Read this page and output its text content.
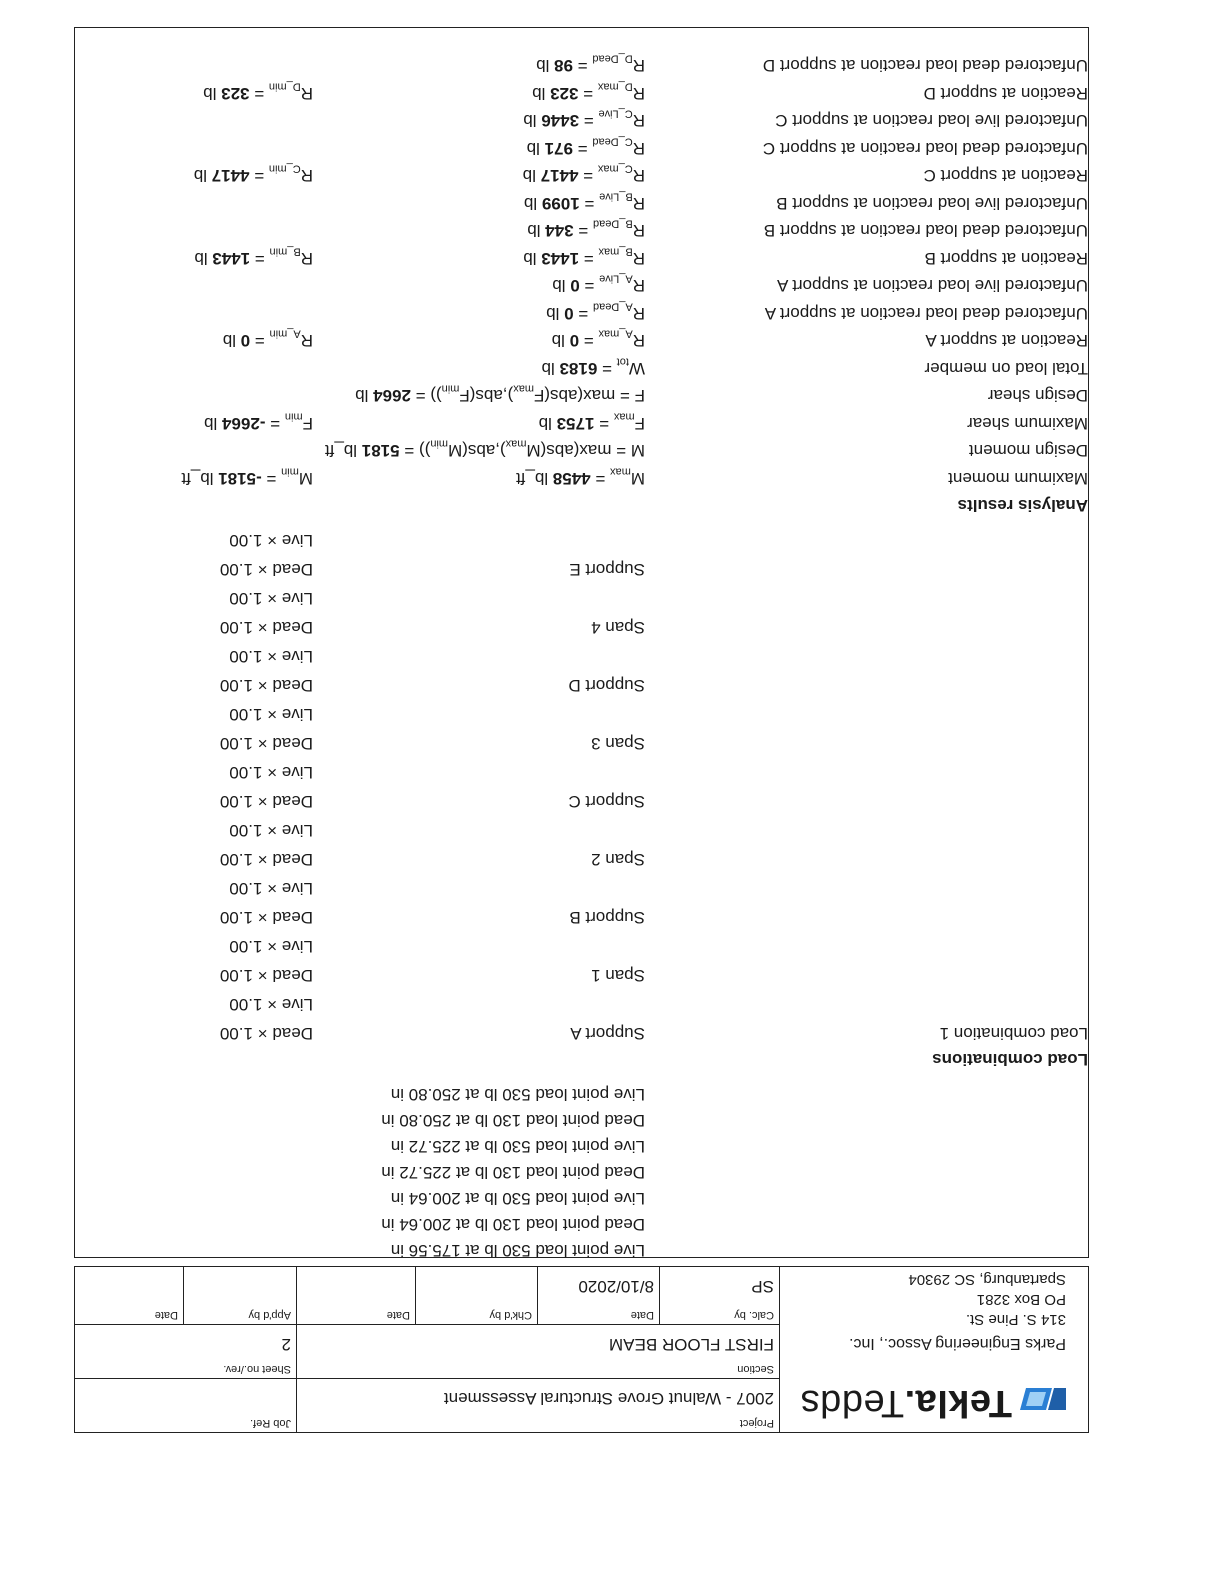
Tekla.Tedds
Parks Engineering Assoc., Inc.
314 S. Pine St.
PO Box 3281
Spartanburg, SC 29304
Project
2007 - Walnut Grove Structural Assessment
Job Ref.
Section
FIRST FLOOR BEAM
Sheet no./rev.
2
Calc. by
SP
Date
8/10/2020
Chk'd by
Date
App'd by
Date
Live point load 530 lb at 175.56 in
Dead point load 130 lb at 200.64 in
Live point load 530 lb at 200.64 in
Dead point load 130 lb at 225.72 in
Live point load 530 lb at 225.72 in
Dead point load 130 lb at 250.80 in
Live point load 530 lb at 250.80 in
Load combinations
Load combination 1
Support A
Dead × 1.00
Live × 1.00
Span 1
Dead × 1.00
Live × 1.00
Support B
Dead × 1.00
Live × 1.00
Span 2
Dead × 1.00
Live × 1.00
Support C
Dead × 1.00
Live × 1.00
Span 3
Dead × 1.00
Live × 1.00
Support D
Dead × 1.00
Live × 1.00
Span 4
Dead × 1.00
Live × 1.00
Support E
Dead × 1.00
Live × 1.00
Analysis results
Maximum moment
$M_{max} = 4458$ lb_ft
$M_{min} = -5181$ lb_ft
Design moment
$M = \max(abs(M_{max}),abs(M_{min})) = 5181$ lb_ft
Maximum shear
$F_{max} = 1753$ lb
$F_{min} = -2664$ lb
Design shear
$F = \max(abs(F_{max}),abs(F_{min})) = 2664$ lb
Total load on member
$W_{tot} = 6183$ lb
Reaction at support A
$R_{A\_max} = 0$ lb
$R_{A\_min} = 0$ lb
Unfactored dead load reaction at support A
$R_{A\_Dead} = 0$ lb
Unfactored live load reaction at support A
$R_{A\_Live} = 0$ lb
Reaction at support B
$R_{B\_max} = 1443$ lb
$R_{B\_min} = 1443$ lb
Unfactored dead load reaction at support B
$R_{B\_Dead} = 344$ lb
Unfactored live load reaction at support B
$R_{B\_Live} = 1099$ lb
Reaction at support C
$R_{C\_max} = 4417$ lb
$R_{C\_min} = 4417$ lb
Unfactored dead load reaction at support C
$R_{C\_Dead} = 971$ lb
Unfactored live load reaction at support C
$R_{C\_Live} = 3446$ lb
Reaction at support D
$R_{D\_max} = 323$ lb
$R_{D\_min} = 323$ lb
Unfactored dead load reaction at support D
$R_{D\_Dead} = 98$ lb
